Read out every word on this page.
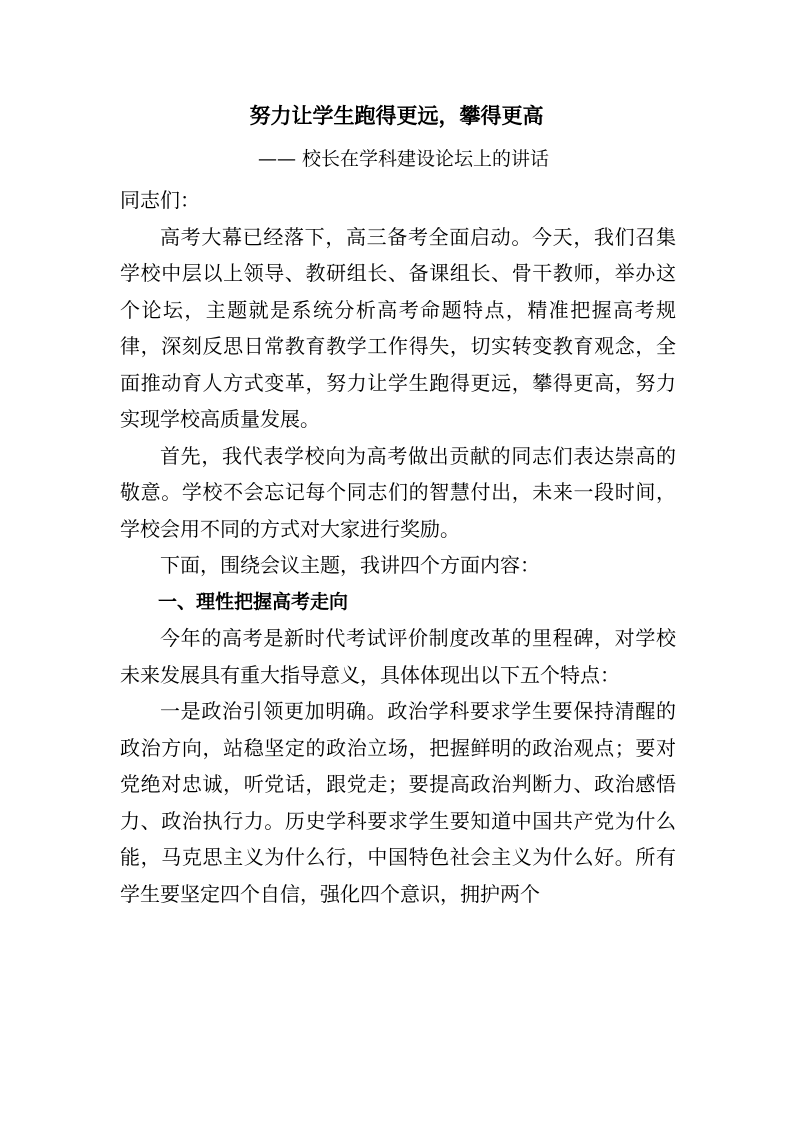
努力让学生跑得更远，攀得更高
—— 校长在学科建设论坛上的讲话

同志们：

高考大幕已经落下，高三备考全面启动。今天，我们召集学校中层以上领导、教研组长、备课组长、骨干教师，举办这个论坛，主题就是系统分析高考命题特点，精准把握高考规律，深刻反思日常教育教学工作得失，切实转变教育观念，全面推动育人方式变革，努力让学生跑得更远，攀得更高，努力实现学校高质量发展。

首先，我代表学校向为高考做出贡献的同志们表达崇高的敬意。学校不会忘记每个同志们的智慧付出，未来一段时间，学校会用不同的方式对大家进行奖励。

下面，围绕会议主题，我讲四个方面内容：

一、理性把握高考走向

今年的高考是新时代考试评价制度改革的里程碑，对学校未来发展具有重大指导意义，具体体现出以下五个特点：

一是政治引领更加明确。政治学科要求学生要保持清醒的政治方向，站稳坚定的政治立场，把握鲜明的政治观点；要对党绝对忠诚，听党话，跟党走；要提高政治判断力、政治感悟力、政治执行力。历史学科要求学生要知道中国共产党为什么能，马克思主义为什么行，中国特色社会主义为什么好。所有学生要坚定四个自信，强化四个意识，拥护两个
